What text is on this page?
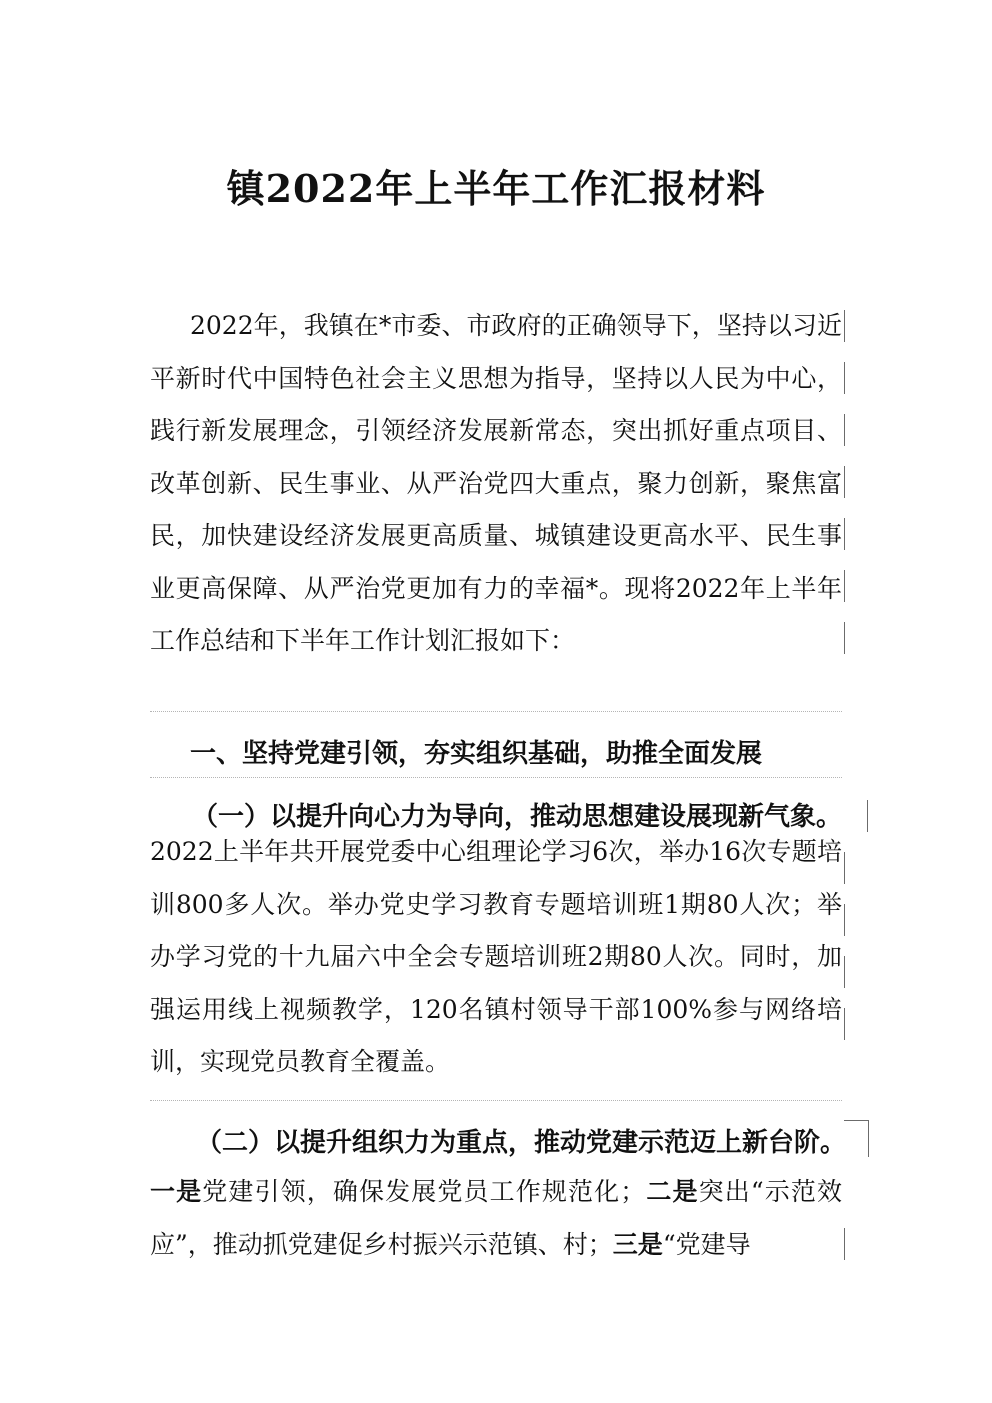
镇2022年上半年工作汇报材料

2022年，我镇在*市委、市政府的正确领导下，坚持以习近平新时代中国特色社会主义思想为指导，坚持以人民为中心，践行新发展理念，引领经济发展新常态，突出抓好重点项目、改革创新、民生事业、从严治党四大重点，聚力创新，聚焦富民，加快建设经济发展更高质量、城镇建设更高水平、民生事业更高保障、从严治党更加有力的幸福*。现将2022年上半年工作总结和下半年工作计划汇报如下：

一、坚持党建引领，夯实组织基础，助推全面发展
（一）以提升向心力为导向，推动思想建设展现新气象。

2022上半年共开展党委中心组理论学习6次，举办16次专题培训800多人次。举办党史学习教育专题培训班1期80人次；举办学习党的十九届六中全会专题培训班2期80人次。同时，加强运用线上视频教学，120名镇村领导干部100%参与网络培训，实现党员教育全覆盖。

（二）以提升组织力为重点，推动党建示范迈上新台阶。

一是党建引领，确保发展党员工作规范化；二是突出“示范效应”，推动抓党建促乡村振兴示范镇、村；三是“党建导
